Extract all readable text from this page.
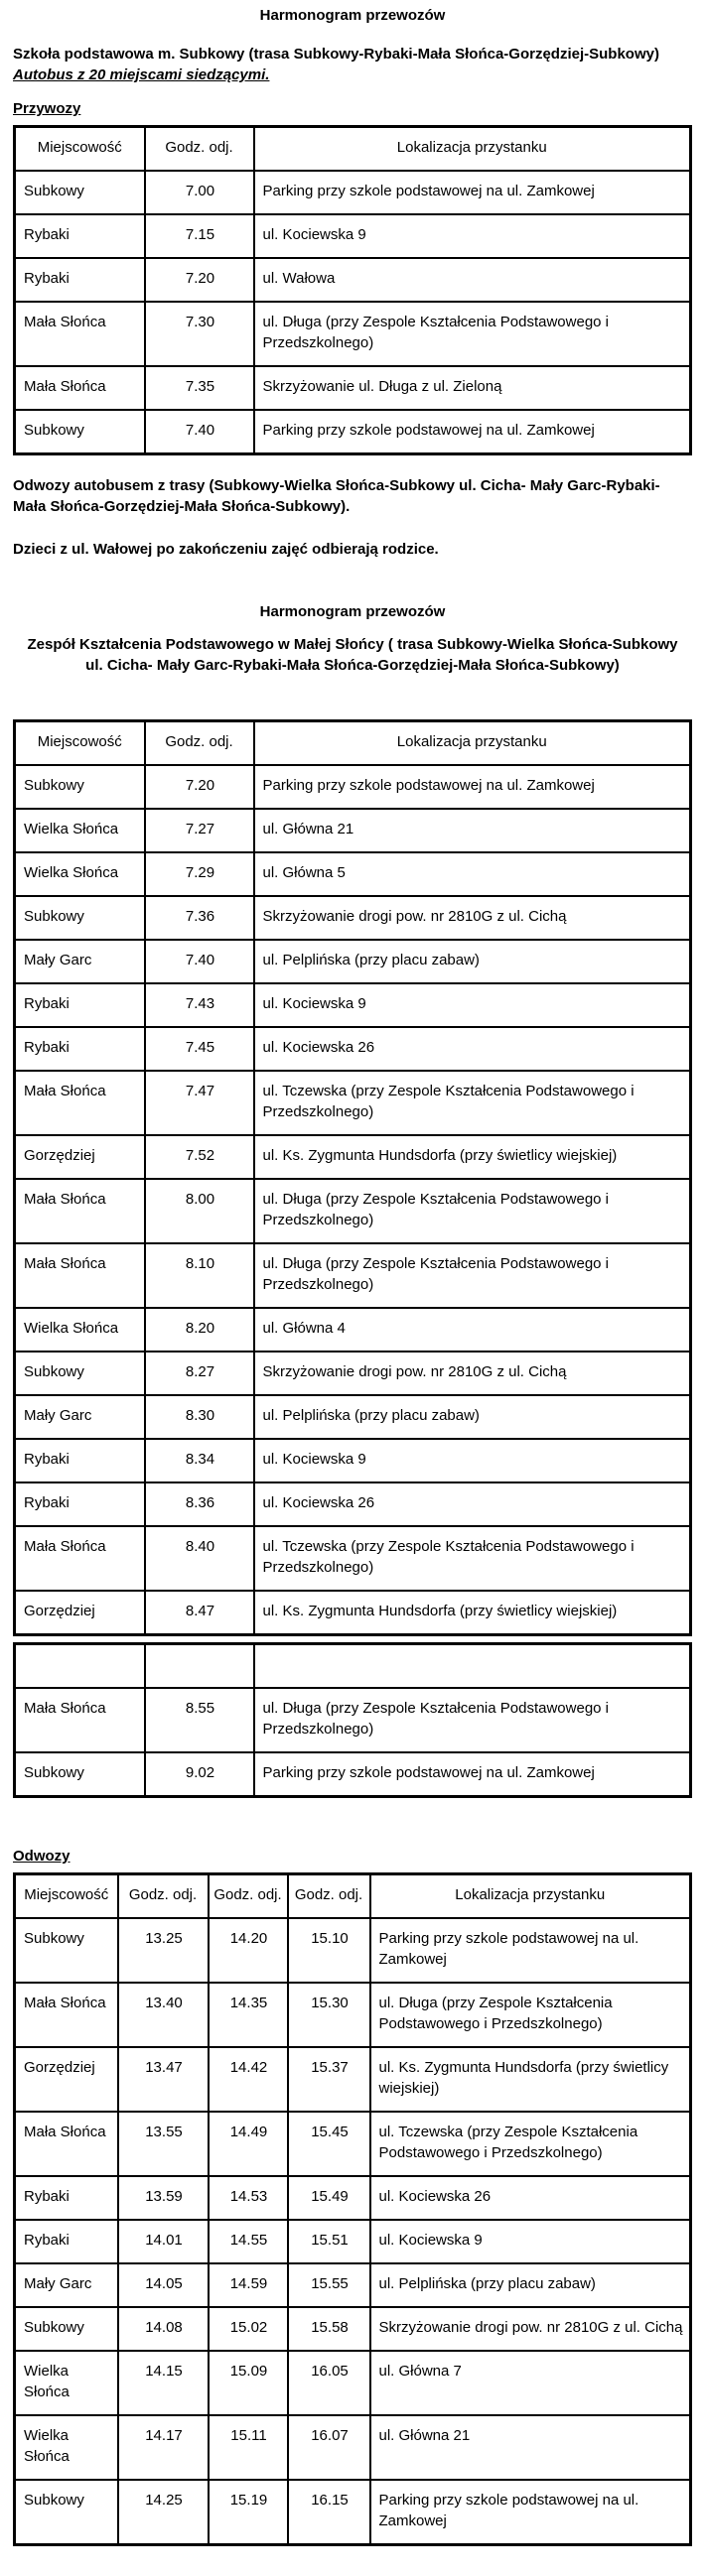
Harmonogram przewozów

Szkoła podstawowa m. Subkowy (trasa Subkowy-Rybaki-Mała Słońca-Gorzędziej-Subkowy)

Autobus z 20 miejscami siedzącymi.

Przywozy

Miejscowość	Godz. odj.	Lokalizacja przystanku
Subkowy	7.00	Parking przy szkole podstawowej na ul. Zamkowej
Rybaki	7.15	ul. Kociewska 9
Rybaki	7.20	ul. Wałowa
Mała Słońca	7.30	ul. Długa (przy Zespole Kształcenia Podstawowego i Przedszkolnego)
Mała Słońca	7.35	Skrzyżowanie ul. Długa z ul. Zieloną
Subkowy	7.40	Parking przy szkole podstawowej na ul. Zamkowej

Odwozy autobusem z trasy (Subkowy-Wielka Słońca-Subkowy ul. Cicha- Mały Garc-Rybaki-Mała Słońca-Gorzędziej-Mała Słońca-Subkowy).

Dzieci z ul. Wałowej po zakończeniu zajęć odbierają rodzice.

Harmonogram przewozów

Zespół Kształcenia Podstawowego w Małej Słońcy ( trasa Subkowy-Wielka Słońca-Subkowy ul. Cicha- Mały Garc-Rybaki-Mała Słońca-Gorzędziej-Mała Słońca-Subkowy)

Miejscowość	Godz. odj.	Lokalizacja przystanku
Subkowy	7.20	Parking przy szkole podstawowej na ul. Zamkowej
Wielka Słońca	7.27	ul. Główna 21
Wielka Słońca	7.29	ul. Główna 5
Subkowy	7.36	Skrzyżowanie drogi pow. nr 2810G z ul. Cichą
Mały Garc	7.40	ul. Pelplińska (przy placu zabaw)
Rybaki	7.43	ul. Kociewska 9
Rybaki	7.45	ul. Kociewska 26
Mała Słońca	7.47	ul. Tczewska (przy Zespole Kształcenia Podstawowego i Przedszkolnego)
Gorzędziej	7.52	ul. Ks. Zygmunta Hundsdorfa (przy świetlicy wiejskiej)
Mała Słońca	8.00	ul. Długa (przy Zespole Kształcenia Podstawowego i Przedszkolnego)
Mała Słońca	8.10	ul. Długa (przy Zespole Kształcenia Podstawowego i Przedszkolnego)
Wielka Słońca	8.20	ul. Główna 4
Subkowy	8.27	Skrzyżowanie drogi pow. nr 2810G z ul. Cichą
Mały Garc	8.30	ul. Pelplińska (przy placu zabaw)
Rybaki	8.34	ul. Kociewska 9
Rybaki	8.36	ul. Kociewska 26
Mała Słońca	8.40	ul. Tczewska (przy Zespole Kształcenia Podstawowego i Przedszkolnego)
Gorzędziej	8.47	ul. Ks. Zygmunta Hundsdorfa (przy świetlicy wiejskiej)

Mała Słońca	8.55	ul. Długa (przy Zespole Kształcenia Podstawowego i Przedszkolnego)
Subkowy	9.02	Parking przy szkole podstawowej na ul. Zamkowej

Odwozy

Miejscowość	Godz. odj.	Godz. odj.	Godz. odj.	Lokalizacja przystanku
Subkowy	13.25	14.20	15.10	Parking przy szkole podstawowej na ul. Zamkowej
Mała Słońca	13.40	14.35	15.30	ul. Długa (przy Zespole Kształcenia Podstawowego i Przedszkolnego)
Gorzędziej	13.47	14.42	15.37	ul. Ks. Zygmunta Hundsdorfa (przy świetlicy wiejskiej)
Mała Słońca	13.55	14.49	15.45	ul. Tczewska (przy Zespole Kształcenia Podstawowego i Przedszkolnego)
Rybaki	13.59	14.53	15.49	ul. Kociewska 26
Rybaki	14.01	14.55	15.51	ul. Kociewska 9
Mały Garc	14.05	14.59	15.55	ul. Pelplińska (przy placu zabaw)
Subkowy	14.08	15.02	15.58	Skrzyżowanie drogi pow. nr 2810G z ul. Cichą
Wielka Słońca	14.15	15.09	16.05	ul. Główna 7
Wielka Słońca	14.17	15.11	16.07	ul. Główna 21
Subkowy	14.25	15.19	16.15	Parking przy szkole podstawowej na ul. Zamkowej
